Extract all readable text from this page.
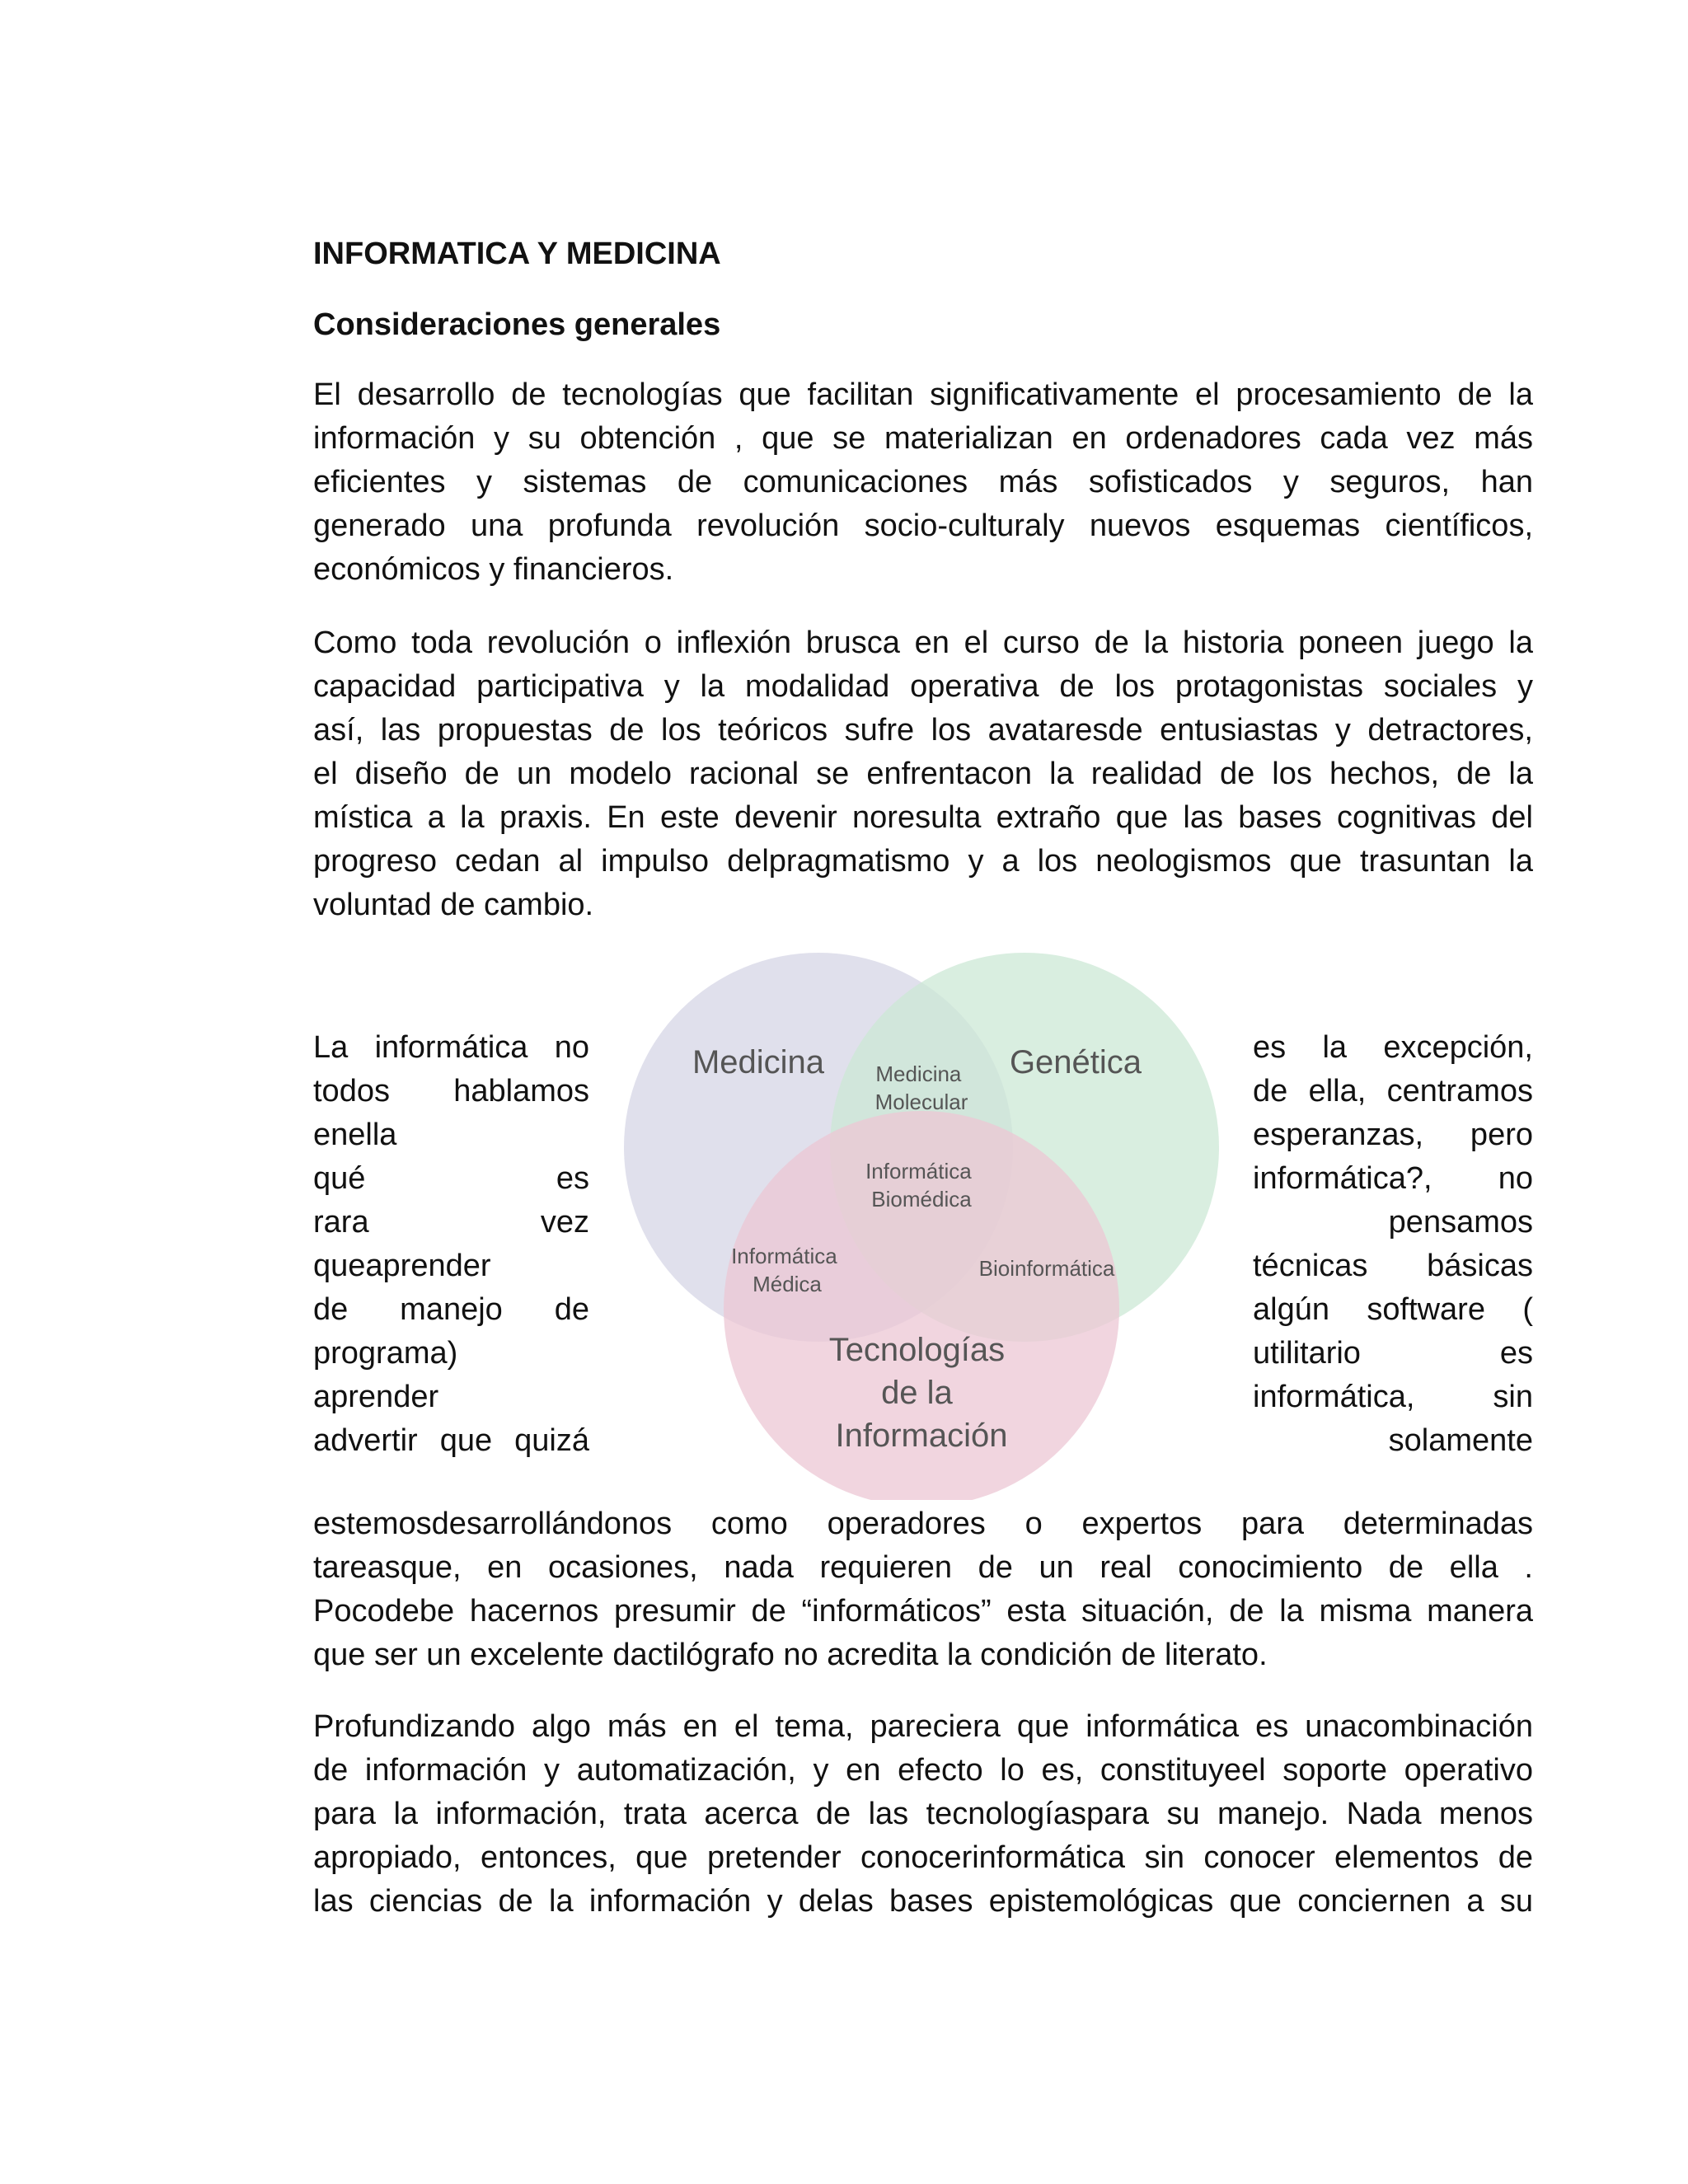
INFORMATICA Y MEDICINA
Consideraciones generales
El desarrollo de tecnologías que facilitan significativamente el procesamiento de la
información y su obtención , que se materializan en ordenadores cada vez más
eficientes y sistemas de comunicaciones más sofisticados y seguros, han
generado una profunda revolución socio-culturaly nuevos esquemas científicos,
económicos y financieros.
Como toda revolución o inflexión brusca en el curso de la historia poneen juego la
capacidad participativa y la modalidad operativa de los protagonistas sociales y
así, las propuestas de los teóricos sufre los avataresde entusiastas y detractores,
el diseño de un modelo racional se enfrentacon la realidad de los hechos, de la
mística a la praxis. En este devenir noresulta extraño que las bases cognitivas del
progreso cedan al impulso delpragmatismo y a los neologismos que trasuntan la
voluntad de cambio.
La informática no
todos hablamos
enella
qué es
rara vez
queaprender
de manejo de
programa)
aprender
advertir que quizá
Medicina	Genética
Medicina Molecular
Informática Biomédica
Informática Médica
Bioinformática
Tecnologías de la Información
es la excepción,
de ella, centramos
esperanzas, pero
informática?, no
pensamos
técnicas básicas
algún software (
utilitario es
informática, sin
solamente
estemosdesarrollándonos como operadores o expertos para determinadas
tareasque, en ocasiones, nada requieren de un real conocimiento de ella .
Pocodebe hacernos presumir de “informáticos” esta situación, de la misma manera
que ser un excelente dactilógrafo no acredita la condición de literato.
Profundizando algo más en el tema, pareciera que informática es unacombinación
de información y automatización, y en efecto lo es, constituyeel soporte operativo
para la información, trata acerca de las tecnologíaspara su manejo. Nada menos
apropiado, entonces, que pretender conocerinformática sin conocer elementos de
las ciencias de la información y delas bases epistemológicas que conciernen a su
